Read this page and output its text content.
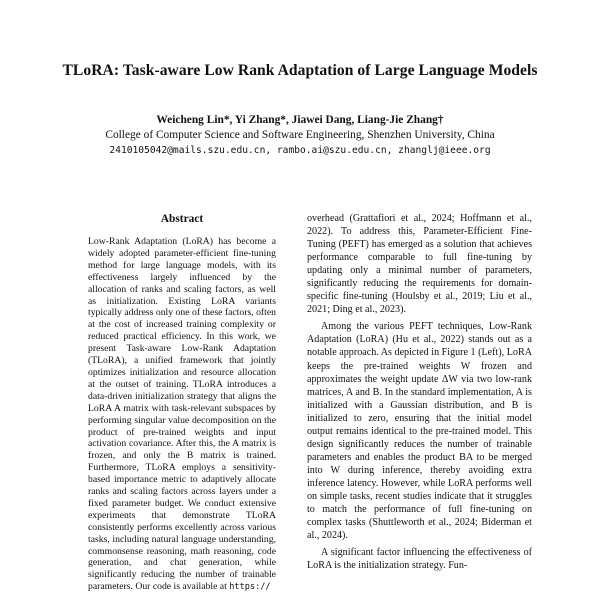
TLoRA: Task-aware Low Rank Adaptation of Large Language Models
Weicheng Lin*, Yi Zhang*, Jiawei Dang, Liang-Jie Zhang†
College of Computer Science and Software Engineering, Shenzhen University, China
2410105042@mails.szu.edu.cn, rambo.ai@szu.edu.cn, zhanglj@ieee.org
Abstract
Low-Rank Adaptation (LoRA) has become a widely adopted parameter-efficient fine-tuning method for large language models, with its effectiveness largely influenced by the allocation of ranks and scaling factors, as well as initialization. Existing LoRA variants typically address only one of these factors, often at the cost of increased training complexity or reduced practical efficiency. In this work, we present Task-aware Low-Rank Adaptation (TLoRA), a unified framework that jointly optimizes initialization and resource allocation at the outset of training. TLoRA introduces a data-driven initialization strategy that aligns the LoRA A matrix with task-relevant subspaces by performing singular value decomposition on the product of pre-trained weights and input activation covariance. After this, the A matrix is frozen, and only the B matrix is trained. Furthermore, TLoRA employs a sensitivity-based importance metric to adaptively allocate ranks and scaling factors across layers under a fixed parameter budget. We conduct extensive experiments that demonstrate TLoRA consistently performs excellently across various tasks, including natural language understanding, commonsense reasoning, math reasoning, code generation, and chat generation, while significantly reducing the number of trainable parameters. Our code is available at https://

overhead (Grattafiori et al., 2024; Hoffmann et al., 2022). To address this, Parameter-Efficient Fine-Tuning (PEFT) has emerged as a solution that achieves performance comparable to full fine-tuning by updating only a minimal number of parameters, significantly reducing the requirements for domain-specific fine-tuning (Houlsby et al., 2019; Liu et al., 2021; Ding et al., 2023).

Among the various PEFT techniques, Low-Rank Adaptation (LoRA) (Hu et al., 2022) stands out as a notable approach. As depicted in Figure 1 (Left), LoRA keeps the pre-trained weights W frozen and approximates the weight update ΔW via two low-rank matrices, A and B. In the standard implementation, A is initialized with a Gaussian distribution, and B is initialized to zero, ensuring that the initial model output remains identical to the pre-trained model. This design significantly reduces the number of trainable parameters and enables the product BA to be merged into W during inference, thereby avoiding extra inference latency. However, while LoRA performs well on simple tasks, recent studies indicate that it struggles to match the performance of full fine-tuning on complex tasks (Shuttleworth et al., 2024; Biderman et al., 2024).

A significant factor influencing the effectiveness of LoRA is the initialization strategy. Fun-
